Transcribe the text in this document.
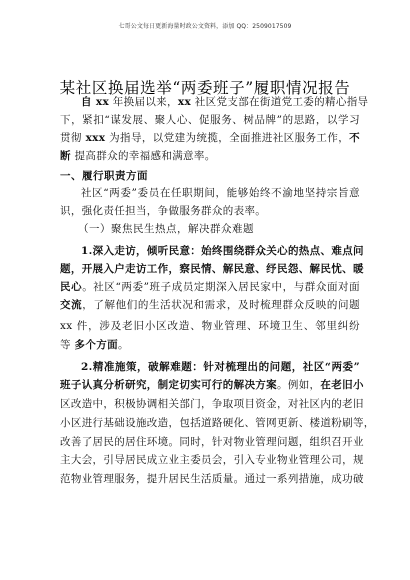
七哥公文每日更新海量时政公文资料，添加 QQ：2509017509
某社区换届选举“两委班子”履职情况报告
自 xx 年换届以来，xx 社区党支部在街道党工委的精心指导
下，紧扣“谋发展、聚人心、促服务、树品牌”的思路，以学习
贯彻 xxx 为指导，以党建为统揽，全面推进社区服务工作，不
断 提高群众的幸福感和满意率。
一、履行职责方面
社区“两委”委员在任职期间，能够始终不渝地坚持宗旨意
识，强化责任担当，争做服务群众的表率。
（一）聚焦民生热点，解决群众难题
1.深入走访，倾听民意：始终围绕群众关心的热点、难点问
题，开展入户走访工作，察民情、解民意、纾民怨、解民忧、暖
民心。社区“两委”班子成员定期深入居民家中，与群众面对面
交流，了解他们的生活状况和需求，及时梳理群众反映的问题
xx 件，涉及老旧小区改造、物业管理、环境卫生、邻里纠纷
等 多个方面。
2.精准施策，破解难题：针对梳理出的问题，社区“两委”
班子认真分析研究，制定切实可行的解决方案。例如，在老旧小
区改造中，积极协调相关部门，争取项目资金，对社区内的老旧
小区进行基础设施改造，包括道路硬化、管网更新、楼道粉刷等，
改善了居民的居住环境。同时，针对物业管理问题，组织召开业
主大会，引导居民成立业主委员会，引入专业物业管理公司，规
范物业管理服务，提升居民生活质量。通过一系列措施，成功破
